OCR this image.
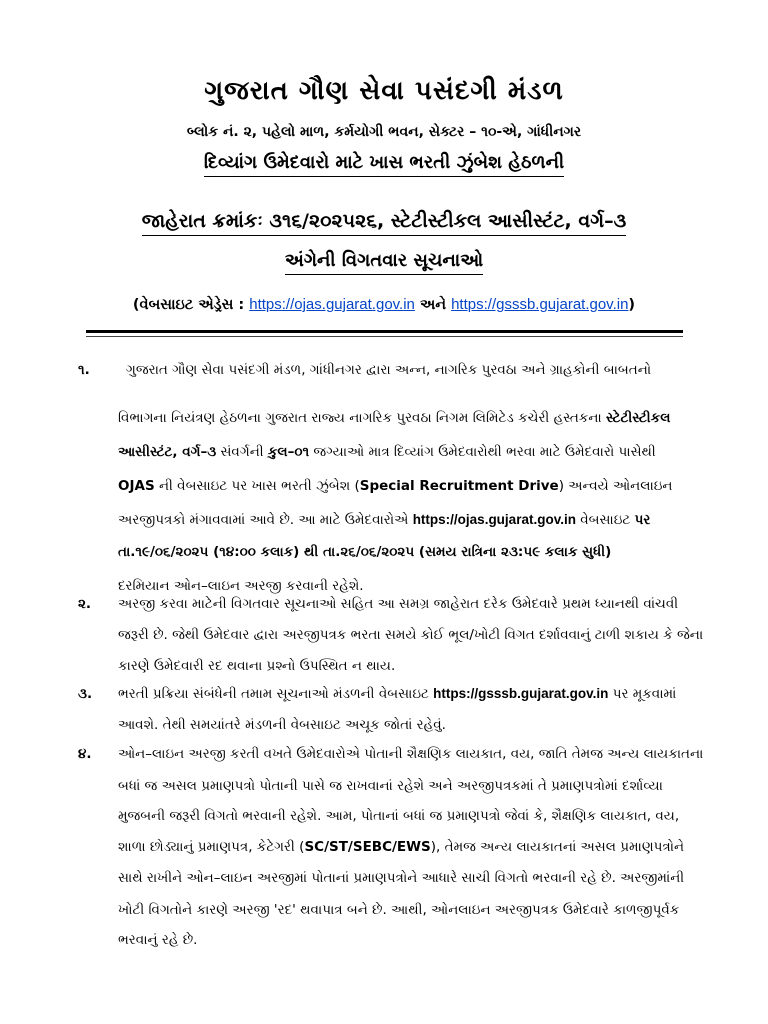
ગુજરાત ગૌણ સેવા પસંદગી મંડળ
બ્લોક નં. ૨, પહેલો માળ, કર્મયોગી ભવન, સેક્ટર – ૧૦-એ, ગાંધીનગર
દિવ્યાંગ ઉમેદવારો માટે ખાસ ભરતી ઝુંબેશ હેઠળની
જાહેરાત ક્રમાંકઃ ૩૧૬/૨૦૨૫૨૬, સ્ટેટીસ્ટીકલ આસીસ્ટંટ, વર્ગ–૩
અંગેની વિગતવાર સૂચનાઓ
(વેબસાઇટ એડ્રેસ : https://ojas.gujarat.gov.in અને https://gsssb.gujarat.gov.in)
૧.	ગુજરાત ગૌણ સેવા પસંદગી મંડળ, ગાંધીનગર દ્વારા અન્ન, નાગરિક પુરવઠા અને ગ્રાહકોની બાબતનો
વિભાગના નિયંત્રણ હેઠળના ગુજરાત રાજ્ય નાગરિક પુરવઠા નિગમ લિમિટેડ કચેરી હસ્તકના સ્ટેટીસ્ટીકલ
આસીસ્ટંટ, વર્ગ–૩ સંવર્ગની કુલ–૦૧ જગ્યાઓ માત્ર દિવ્યાંગ ઉમેદવારોથી ભરવા માટે ઉમેદવારો પાસેથી
OJAS ની વેબસાઇટ પર ખાસ ભરતી ઝુંબેશ (Special Recruitment Drive) અન્વયે ઓનલાઇન
અરજીપત્રકો મંગાવવામાં આવે છે. આ માટે ઉમેદવારોએ https://ojas.gujarat.gov.in વેબસાઇટ પર
તા.૧૯/૦૬/૨૦૨૫ (૧૪:૦૦ કલાક) થી તા.૨૬/૦૬/૨૦૨૫ (સમય રાત્રિના ૨૩:૫૯ કલાક સુધી)
દરમિયાન ઓન–લાઇન અરજી કરવાની રહેશે.
૨.	અરજી કરવા માટેની વિગતવાર સૂચનાઓ સહિત આ સમગ્ર જાહેરાત દરેક ઉમેદવારે પ્રથમ ધ્યાનથી વાંચવી
જરૂરી છે. જેથી ઉમેદવાર દ્વારા અરજીપત્રક ભરતા સમયે કોઈ ભૂલ/ખોટી વિગત દર્શાવવાનું ટાળી શકાય કે જેના
કારણે ઉમેદવારી રદ થવાના પ્રશ્નો ઉપસ્થિત ન થાય.
૩.	ભરતી પ્રક્રિયા સંબંધેની તમામ સૂચનાઓ મંડળની વેબસાઇટ https://gsssb.gujarat.gov.in પર મૂકવામાં
આવશે. તેથી સમયાંતરે મંડળની વેબસાઇટ અચૂક જોતાં રહેવું.
૪.	ઓન–લાઇન અરજી કરતી વખતે ઉમેદવારોએ પોતાની શૈક્ષણિક લાયકાત, વય, જાતિ તેમજ અન્ય લાયકાતના
બધાં જ અસલ પ્રમાણપત્રો પોતાની પાસે જ રાખવાનાં રહેશે અને અરજીપત્રકમાં તે પ્રમાણપત્રોમાં દર્શાવ્યા
મુજબની જરૂરી વિગતો ભરવાની રહેશે. આમ, પોતાનાં બધાં જ પ્રમાણપત્રો જેવાં કે, શૈક્ષણિક લાયકાત, વય,
શાળા છોડ્યાનું પ્રમાણપત્ર, કેટેગરી (SC/ST/SEBC/EWS), તેમજ અન્ય લાયકાતનાં અસલ પ્રમાણપત્રોને
સાથે રાખીને ઓન–લાઇન અરજીમાં પોતાનાં પ્રમાણપત્રોને આધારે સાચી વિગતો ભરવાની રહે છે. અરજીમાંની
ખોટી વિગતોને કારણે અરજી 'રદ' થવાપાત્ર બને છે. આથી, ઓનલાઇન અરજીપત્રક ઉમેદવારે કાળજીપૂર્વક
ભરવાનું રહે છે.
